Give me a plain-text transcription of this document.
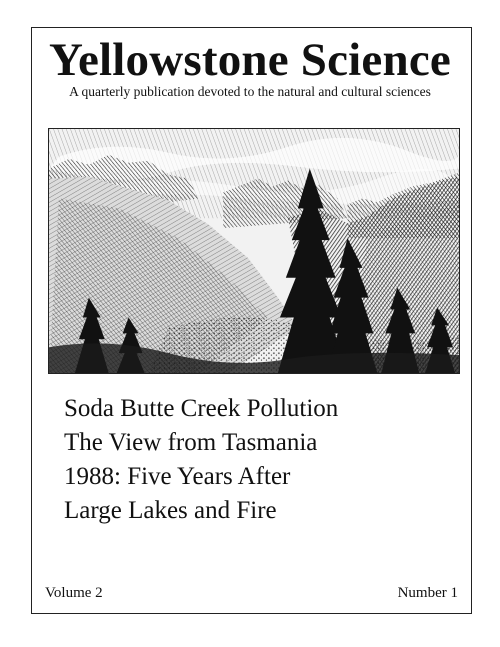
Yellowstone Science

A quarterly publication devoted to the natural and cultural sciences

Soda Butte Creek Pollution
The View from Tasmania
1988: Five Years After
Large Lakes and Fire
Volume 2	Number 1
